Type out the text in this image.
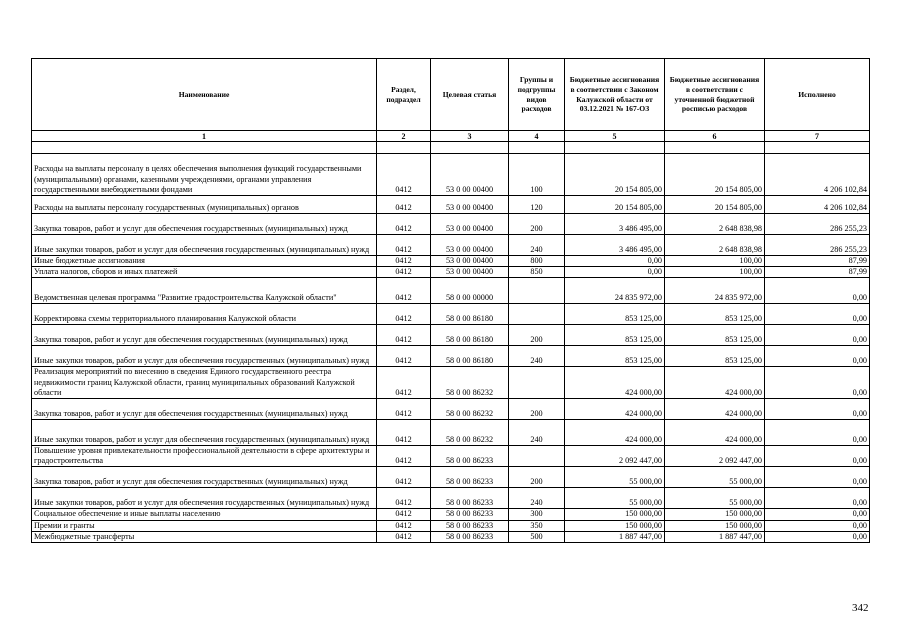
Наименование	Раздел, подраздел	Целевая статья	Группы и подгруппы видов расходов	Бюджетные ассигнования в соответствии с Законом Калужской области от 03.12.2021 № 167-ОЗ	Бюджетные ассигнования в соответствии с уточненной бюджетной росписью расходов	Исполнено
1	2	3	4	5	6	7

Расходы на выплаты персоналу в целях обеспечения выполнения функций государственными (муниципальными) органами, казенными учреждениями, органами управления государственными внебюджетными фондами	0412	53 0 00 00400	100	20 154 805,00	20 154 805,00	4 206 102,84
Расходы на выплаты персоналу государственных (муниципальных) органов	0412	53 0 00 00400	120	20 154 805,00	20 154 805,00	4 206 102,84
Закупка товаров, работ и услуг для обеспечения государственных (муниципальных) нужд	0412	53 0 00 00400	200	3 486 495,00	2 648 838,98	286 255,23
Иные закупки товаров, работ и услуг для обеспечения государственных (муниципальных) нужд	0412	53 0 00 00400	240	3 486 495,00	2 648 838,98	286 255,23
Иные бюджетные ассигнования	0412	53 0 00 00400	800	0,00	100,00	87,99
Уплата налогов, сборов и иных платежей	0412	53 0 00 00400	850	0,00	100,00	87,99
Ведомственная целевая программа "Развитие градостроительства Калужской области"	0412	58 0 00 00000		24 835 972,00	24 835 972,00	0,00
Корректировка схемы территориального планирования Калужской области	0412	58 0 00 86180		853 125,00	853 125,00	0,00
Закупка товаров, работ и услуг для обеспечения государственных (муниципальных) нужд	0412	58 0 00 86180	200	853 125,00	853 125,00	0,00
Иные закупки товаров, работ и услуг для обеспечения государственных (муниципальных) нужд	0412	58 0 00 86180	240	853 125,00	853 125,00	0,00
Реализация мероприятий по внесению в сведения Единого государственного реестра недвижимости границ Калужской области, границ муниципальных образований Калужской области	0412	58 0 00 86232		424 000,00	424 000,00	0,00
Закупка товаров, работ и услуг для обеспечения государственных (муниципальных) нужд	0412	58 0 00 86232	200	424 000,00	424 000,00	0,00
Иные закупки товаров, работ и услуг для обеспечения государственных (муниципальных) нужд	0412	58 0 00 86232	240	424 000,00	424 000,00	0,00
Повышение уровня привлекательности профессиональной деятельности в сфере архитектуры и градостроительства	0412	58 0 00 86233		2 092 447,00	2 092 447,00	0,00
Закупка товаров, работ и услуг для обеспечения государственных (муниципальных) нужд	0412	58 0 00 86233	200	55 000,00	55 000,00	0,00
Иные закупки товаров, работ и услуг для обеспечения государственных (муниципальных) нужд	0412	58 0 00 86233	240	55 000,00	55 000,00	0,00
Социальное обеспечение и иные выплаты населению	0412	58 0 00 86233	300	150 000,00	150 000,00	0,00
Премии и гранты	0412	58 0 00 86233	350	150 000,00	150 000,00	0,00
Межбюджетные трансферты	0412	58 0 00 86233	500	1 887 447,00	1 887 447,00	0,00
342
